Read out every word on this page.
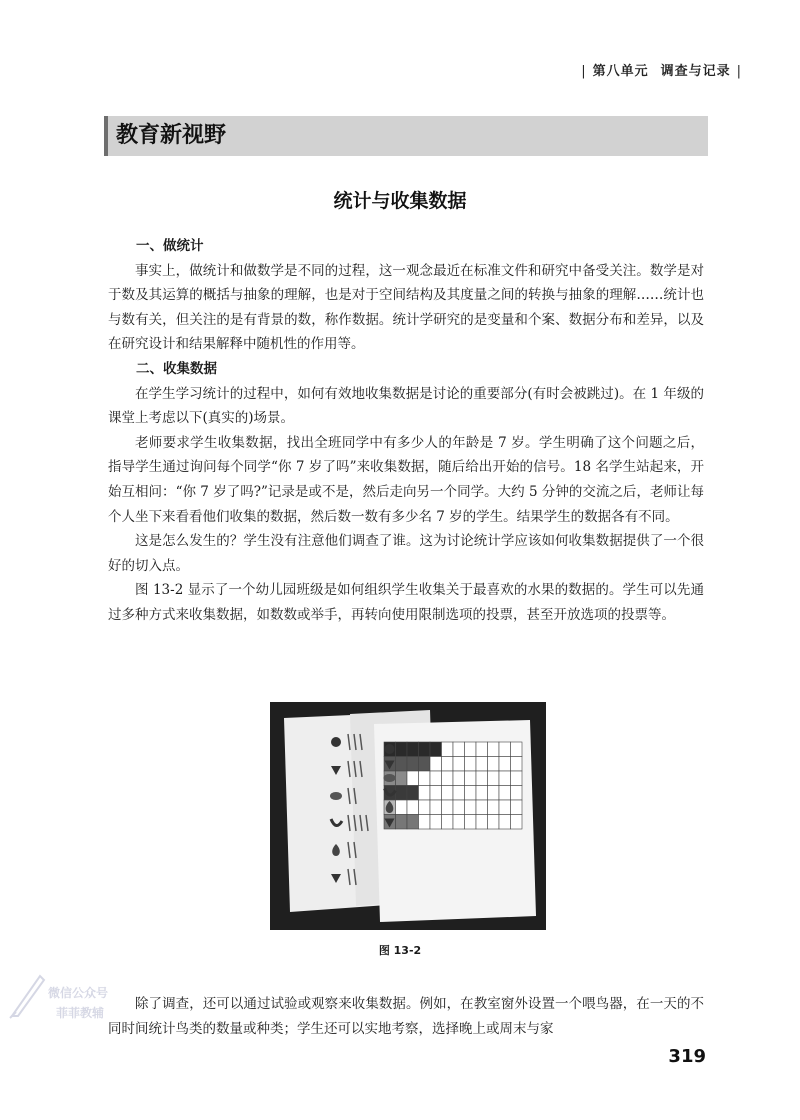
| 第八单元 调查与记录 |
教育新视野
统计与收集数据
一、做统计

事实上，做统计和做数学是不同的过程，这一观念最近在标准文件和研究中备受关注。数学是对于数及其运算的概括与抽象的理解，也是对于空间结构及其度量之间的转换与抽象的理解……统计也与数有关，但关注的是有背景的数，称作数据。统计学研究的是变量和个案、数据分布和差异，以及在研究设计和结果解释中随机性的作用等。

二、收集数据

在学生学习统计的过程中，如何有效地收集数据是讨论的重要部分(有时会被跳过)。在 1 年级的课堂上考虑以下(真实的)场景。

老师要求学生收集数据，找出全班同学中有多少人的年龄是 7 岁。学生明确了这个问题之后，指导学生通过询问每个同学“你 7 岁了吗”来收集数据，随后给出开始的信号。18 名学生站起来，开始互相问：“你 7 岁了吗?”记录是或不是，然后走向另一个同学。大约 5 分钟的交流之后，老师让每个人坐下来看看他们收集的数据，然后数一数有多少名 7 岁的学生。结果学生的数据各有不同。

这是怎么发生的？学生没有注意他们调查了谁。这为讨论统计学应该如何收集数据提供了一个很好的切入点。

图 13-2 显示了一个幼儿园班级是如何组织学生收集关于最喜欢的水果的数据的。学生可以先通过多种方式来收集数据，如数数或举手，再转向使用限制选项的投票，甚至开放选项的投票等。

图 13-2
微信公众号
菲菲教辅

除了调查，还可以通过试验或观察来收集数据。例如，在教室窗外设置一个喂鸟器，在一天的不同时间统计鸟类的数量或种类；学生还可以实地考察，选择晚上或周末与家

319
